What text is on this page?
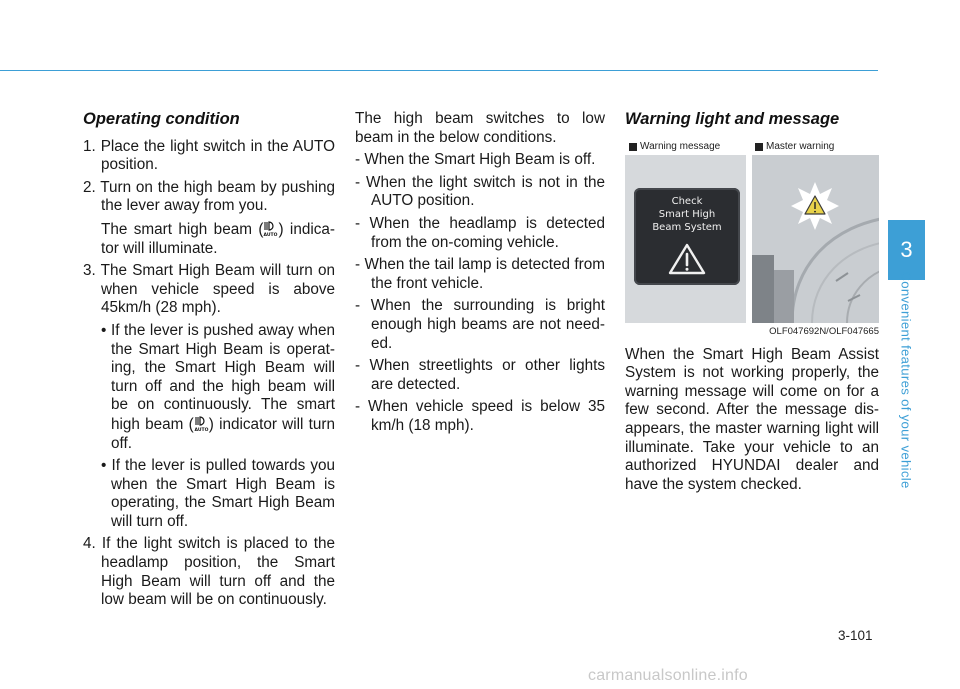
Operating condition

1. Place the light switch in the AUTO position.

2. Turn on the high beam by pushing the lever away from you.

The smart high beam ( AUTO ) indicator will illuminate.

3. The Smart High Beam will turn on when vehicle speed is above 45km/h (28 mph).

• If the lever is pushed away when the Smart High Beam is operating, the Smart High Beam will turn off and the high beam will be on continuously. The smart high beam ( AUTO ) indicator will turn off.

• If the lever is pulled towards you when the Smart High Beam is operating, the Smart High Beam will turn off.

4. If the light switch is placed to the headlamp position, the Smart High Beam will turn off and the low beam will be on continuously.

The high beam switches to low beam in the below conditions.

- When the Smart High Beam is off.

- When the light switch is not in the AUTO position.

- When the headlamp is detected from the on-coming vehicle.

- When the tail lamp is detected from the front vehicle.

- When the surrounding is bright enough high beams are not needed.

- When streetlights or other lights are detected.

- When vehicle speed is below 35 km/h (18 mph).

Warning light and message
Warning message	Master warning
Check
Smart High
Beam System
OLF047692N/OLF047665

When the Smart High Beam Assist System is not working properly, the warning message will come on for a few second. After the message disappears, the master warning light will illuminate. Take your vehicle to an authorized HYUNDAI dealer and have the system checked.

3
Convenient features of your vehicle
3-101
carmanualsonline.info
